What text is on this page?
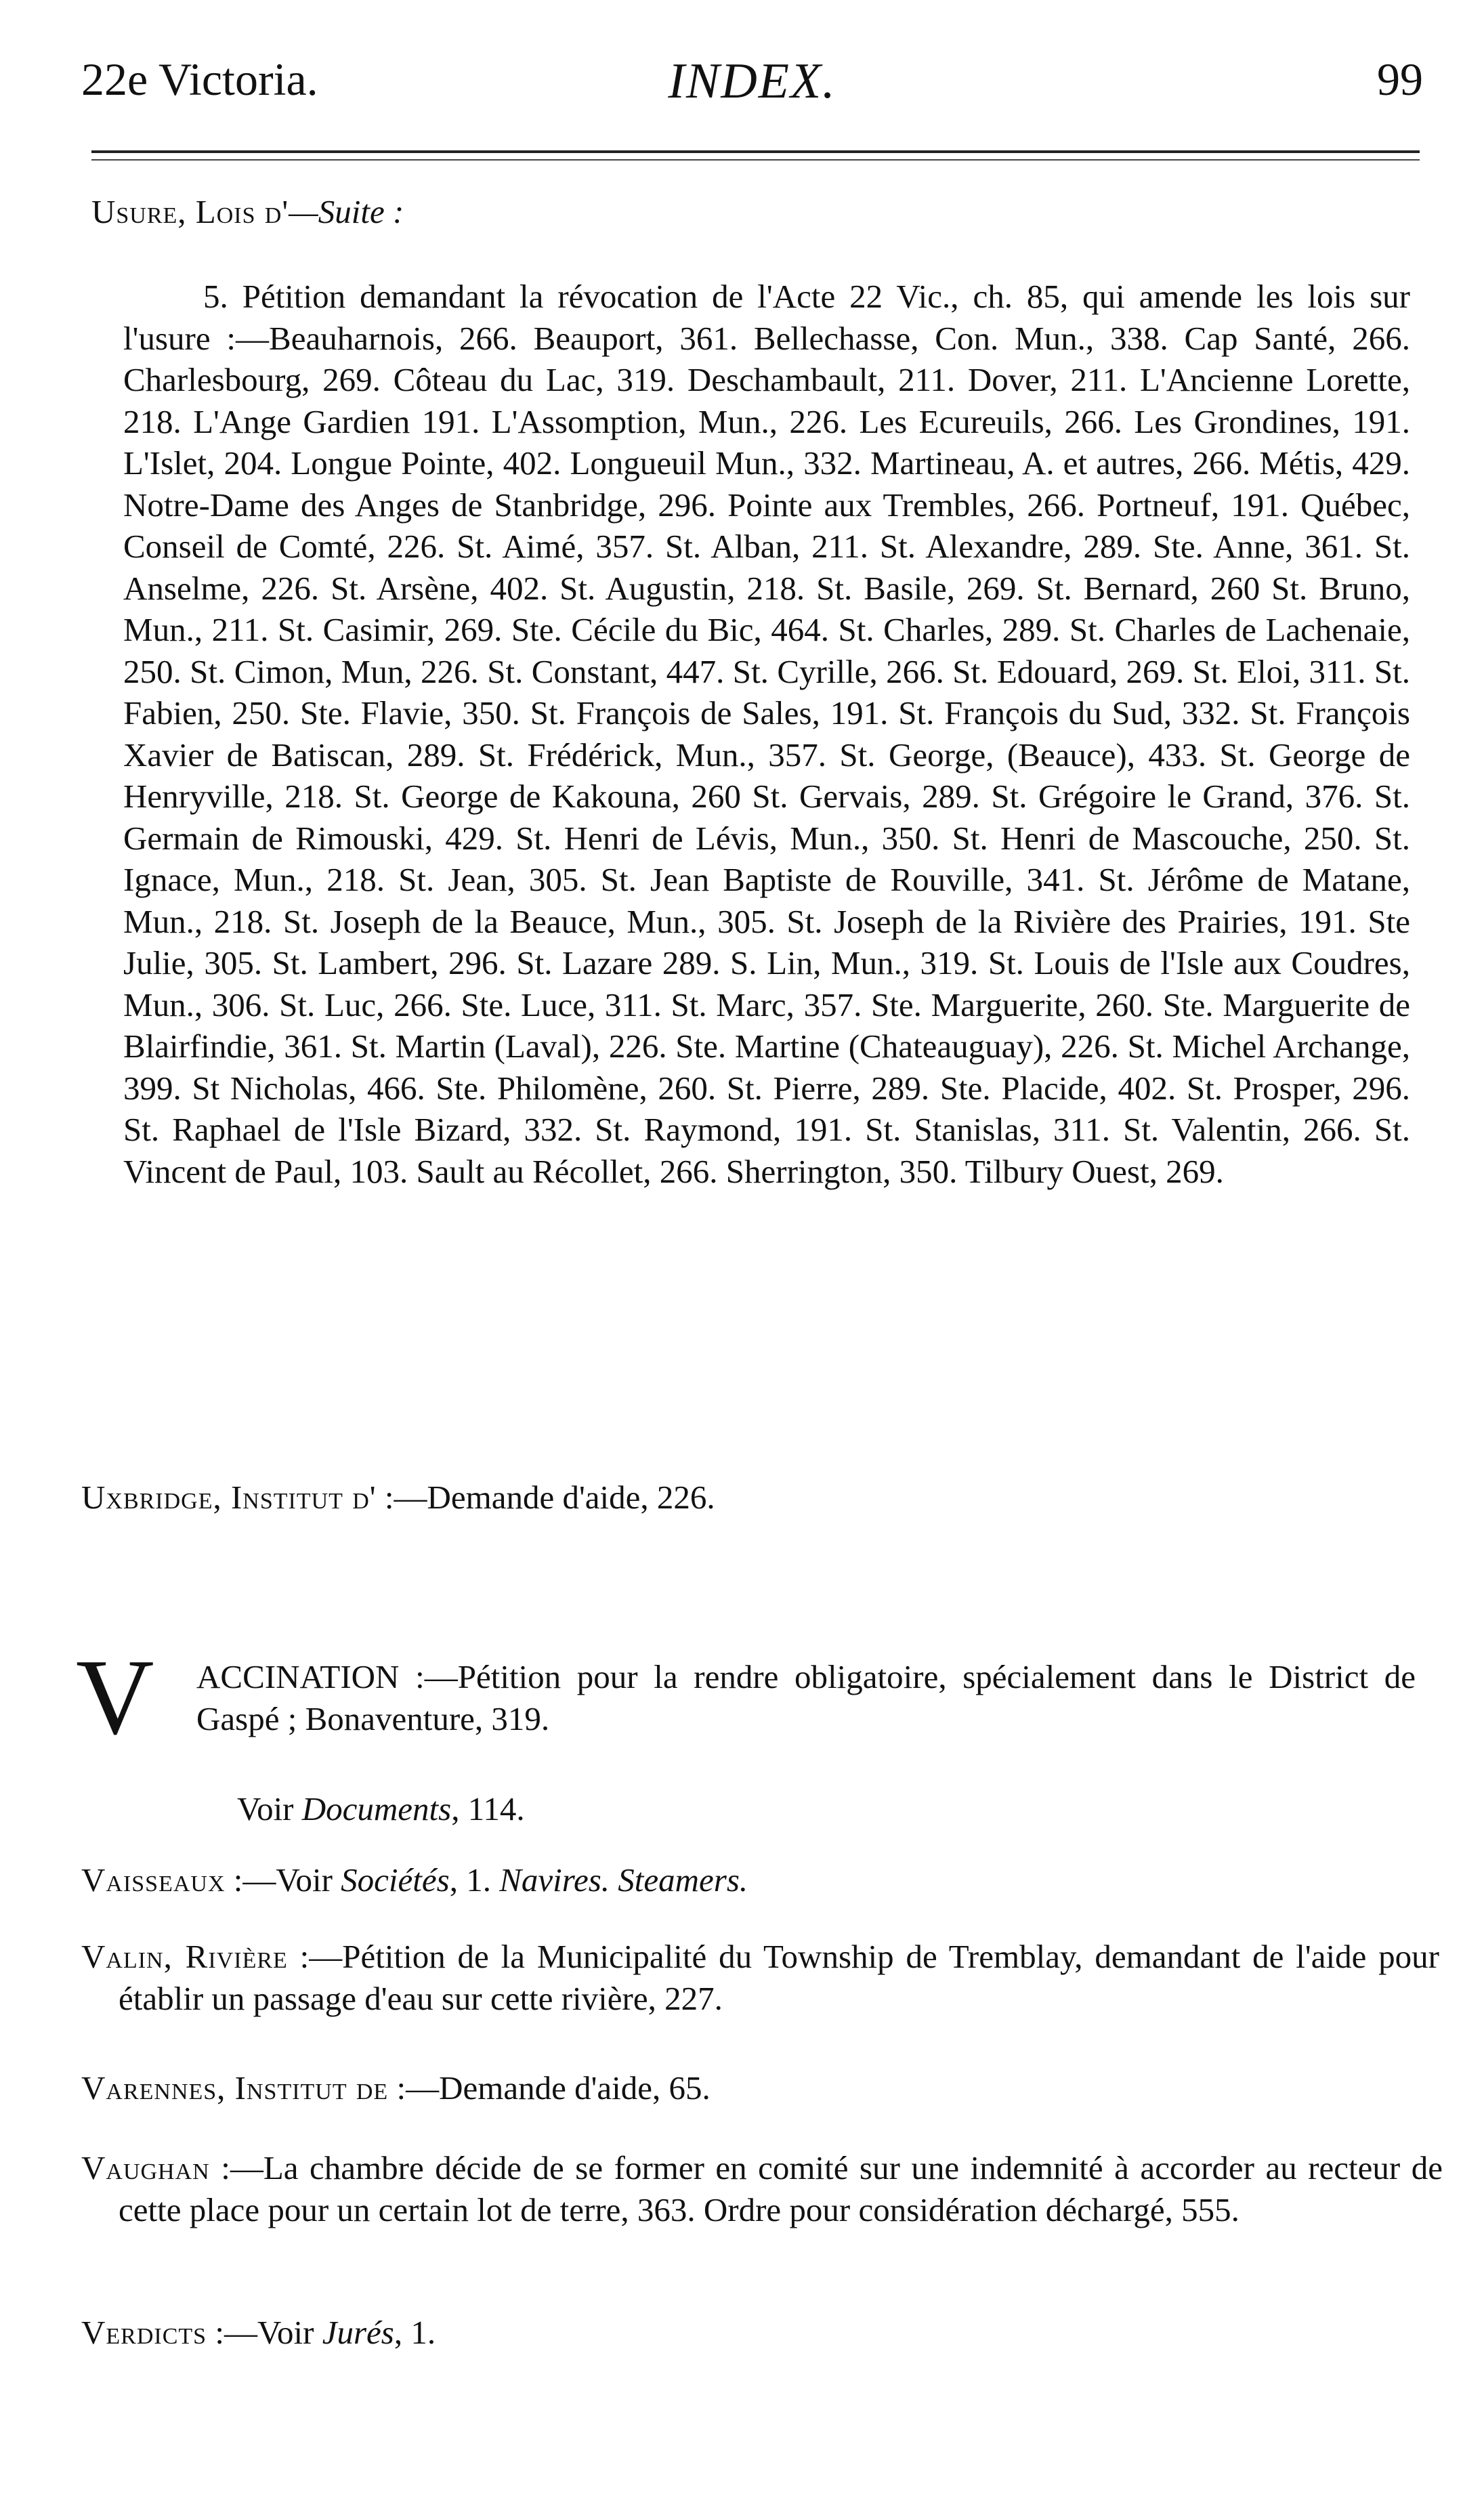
22e Victoria.	INDEX.	99
Usure, Lois d'—Suite :
5. Pétition demandant la révocation de l'Acte 22 Vic., ch. 85, qui amende les lois sur l'usure :—Beauharnois, 266. Beauport, 361. Bellechasse, Con. Mun., 338. Cap Santé, 266. Charlesbourg, 269. Côteau du Lac, 319. Deschambault, 211. Dover, 211. L'Ancienne Lorette, 218. L'Ange Gardien 191. L'Assomption, Mun., 226. Les Ecureuils, 266. Les Grondines, 191. L'Islet, 204. Longue Pointe, 402. Longueuil Mun., 332. Martineau, A. et autres, 266. Métis, 429. Notre-Dame des Anges de Stanbridge, 296. Pointe aux Trembles, 266. Portneuf, 191. Québec, Conseil de Comté, 226. St. Aimé, 357. St. Alban, 211. St. Alexandre, 289. Ste. Anne, 361. St. Anselme, 226. St. Arsène, 402. St. Augustin, 218. St. Basile, 269. St. Bernard, 260 St. Bruno, Mun., 211. St. Casimir, 269. Ste. Cécile du Bic, 464. St. Charles, 289. St. Charles de Lachenaie, 250. St. Cimon, Mun, 226. St. Constant, 447. St. Cyrille, 266. St. Edouard, 269. St. Eloi, 311. St. Fabien, 250. Ste. Flavie, 350. St. François de Sales, 191. St. François du Sud, 332. St. François Xavier de Batiscan, 289. St. Frédérick, Mun., 357. St. George, (Beauce), 433. St. George de Henryville, 218. St. George de Kakouna, 260 St. Gervais, 289. St. Grégoire le Grand, 376. St. Germain de Rimouski, 429. St. Henri de Lévis, Mun., 350. St. Henri de Mascouche, 250. St. Ignace, Mun., 218. St. Jean, 305. St. Jean Baptiste de Rouville, 341. St. Jérôme de Matane, Mun., 218. St. Joseph de la Beauce, Mun., 305. St. Joseph de la Rivière des Prairies, 191. Ste Julie, 305. St. Lambert, 296. St. Lazare 289. S. Lin, Mun., 319. St. Louis de l'Isle aux Coudres, Mun., 306. St. Luc, 266. Ste. Luce, 311. St. Marc, 357. Ste. Marguerite, 260. Ste. Marguerite de Blairfindie, 361. St. Martin (Laval), 226. Ste. Martine (Chateauguay), 226. St. Michel Archange, 399. St Nicholas, 466. Ste. Philomène, 260. St. Pierre, 289. Ste. Placide, 402. St. Prosper, 296. St. Raphael de l'Isle Bizard, 332. St. Raymond, 191. St. Stanislas, 311. St. Valentin, 266. St. Vincent de Paul, 103. Sault au Récollet, 266. Sherrington, 350. Tilbury Ouest, 269.
Uxbridge, Institut d' :—Demande d'aide, 226.
V ACCINATION :—Pétition pour la rendre obligatoire, spécialement dans le District de Gaspé ; Bonaventure, 319.
Voir Documents, 114.
Vaisseaux :—Voir Sociétés, 1. Navires. Steamers.
Valin, Rivière :—Pétition de la Municipalité du Township de Tremblay, demandant de l'aide pour établir un passage d'eau sur cette rivière, 227.
Varennes, Institut de :—Demande d'aide, 65.
Vaughan :—La chambre décide de se former en comité sur une indemnité à accorder au recteur de cette place pour un certain lot de terre, 363. Ordre pour considération déchargé, 555.
Verdicts :—Voir Jurés, 1.
